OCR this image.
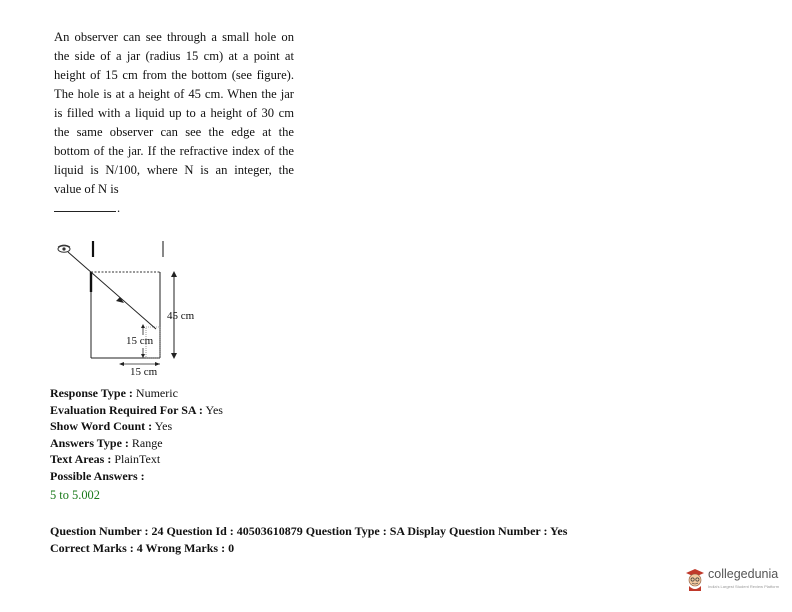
An observer can see through a small hole on the side of a jar (radius 15 cm) at a point at height of 15 cm from the bottom (see figure). The hole is at a height of 45 cm. When the jar is filled with a liquid up to a height of 30 cm the same observer can see the edge at the bottom of the jar. If the refractive index of the liquid is N/100, where N is an integer, the value of N is
.

45 cm
15 cm
15 cm
Response Type : Numeric
Evaluation Required For SA : Yes
Show Word Count : Yes
Answers Type : Range
Text Areas : PlainText
Possible Answers :
5 to 5.002
Question Number : 24 Question Id : 40503610879 Question Type : SA Display Question Number : Yes
Correct Marks : 4 Wrong Marks : 0
collegedunia
India's Largest Student Review Platform
